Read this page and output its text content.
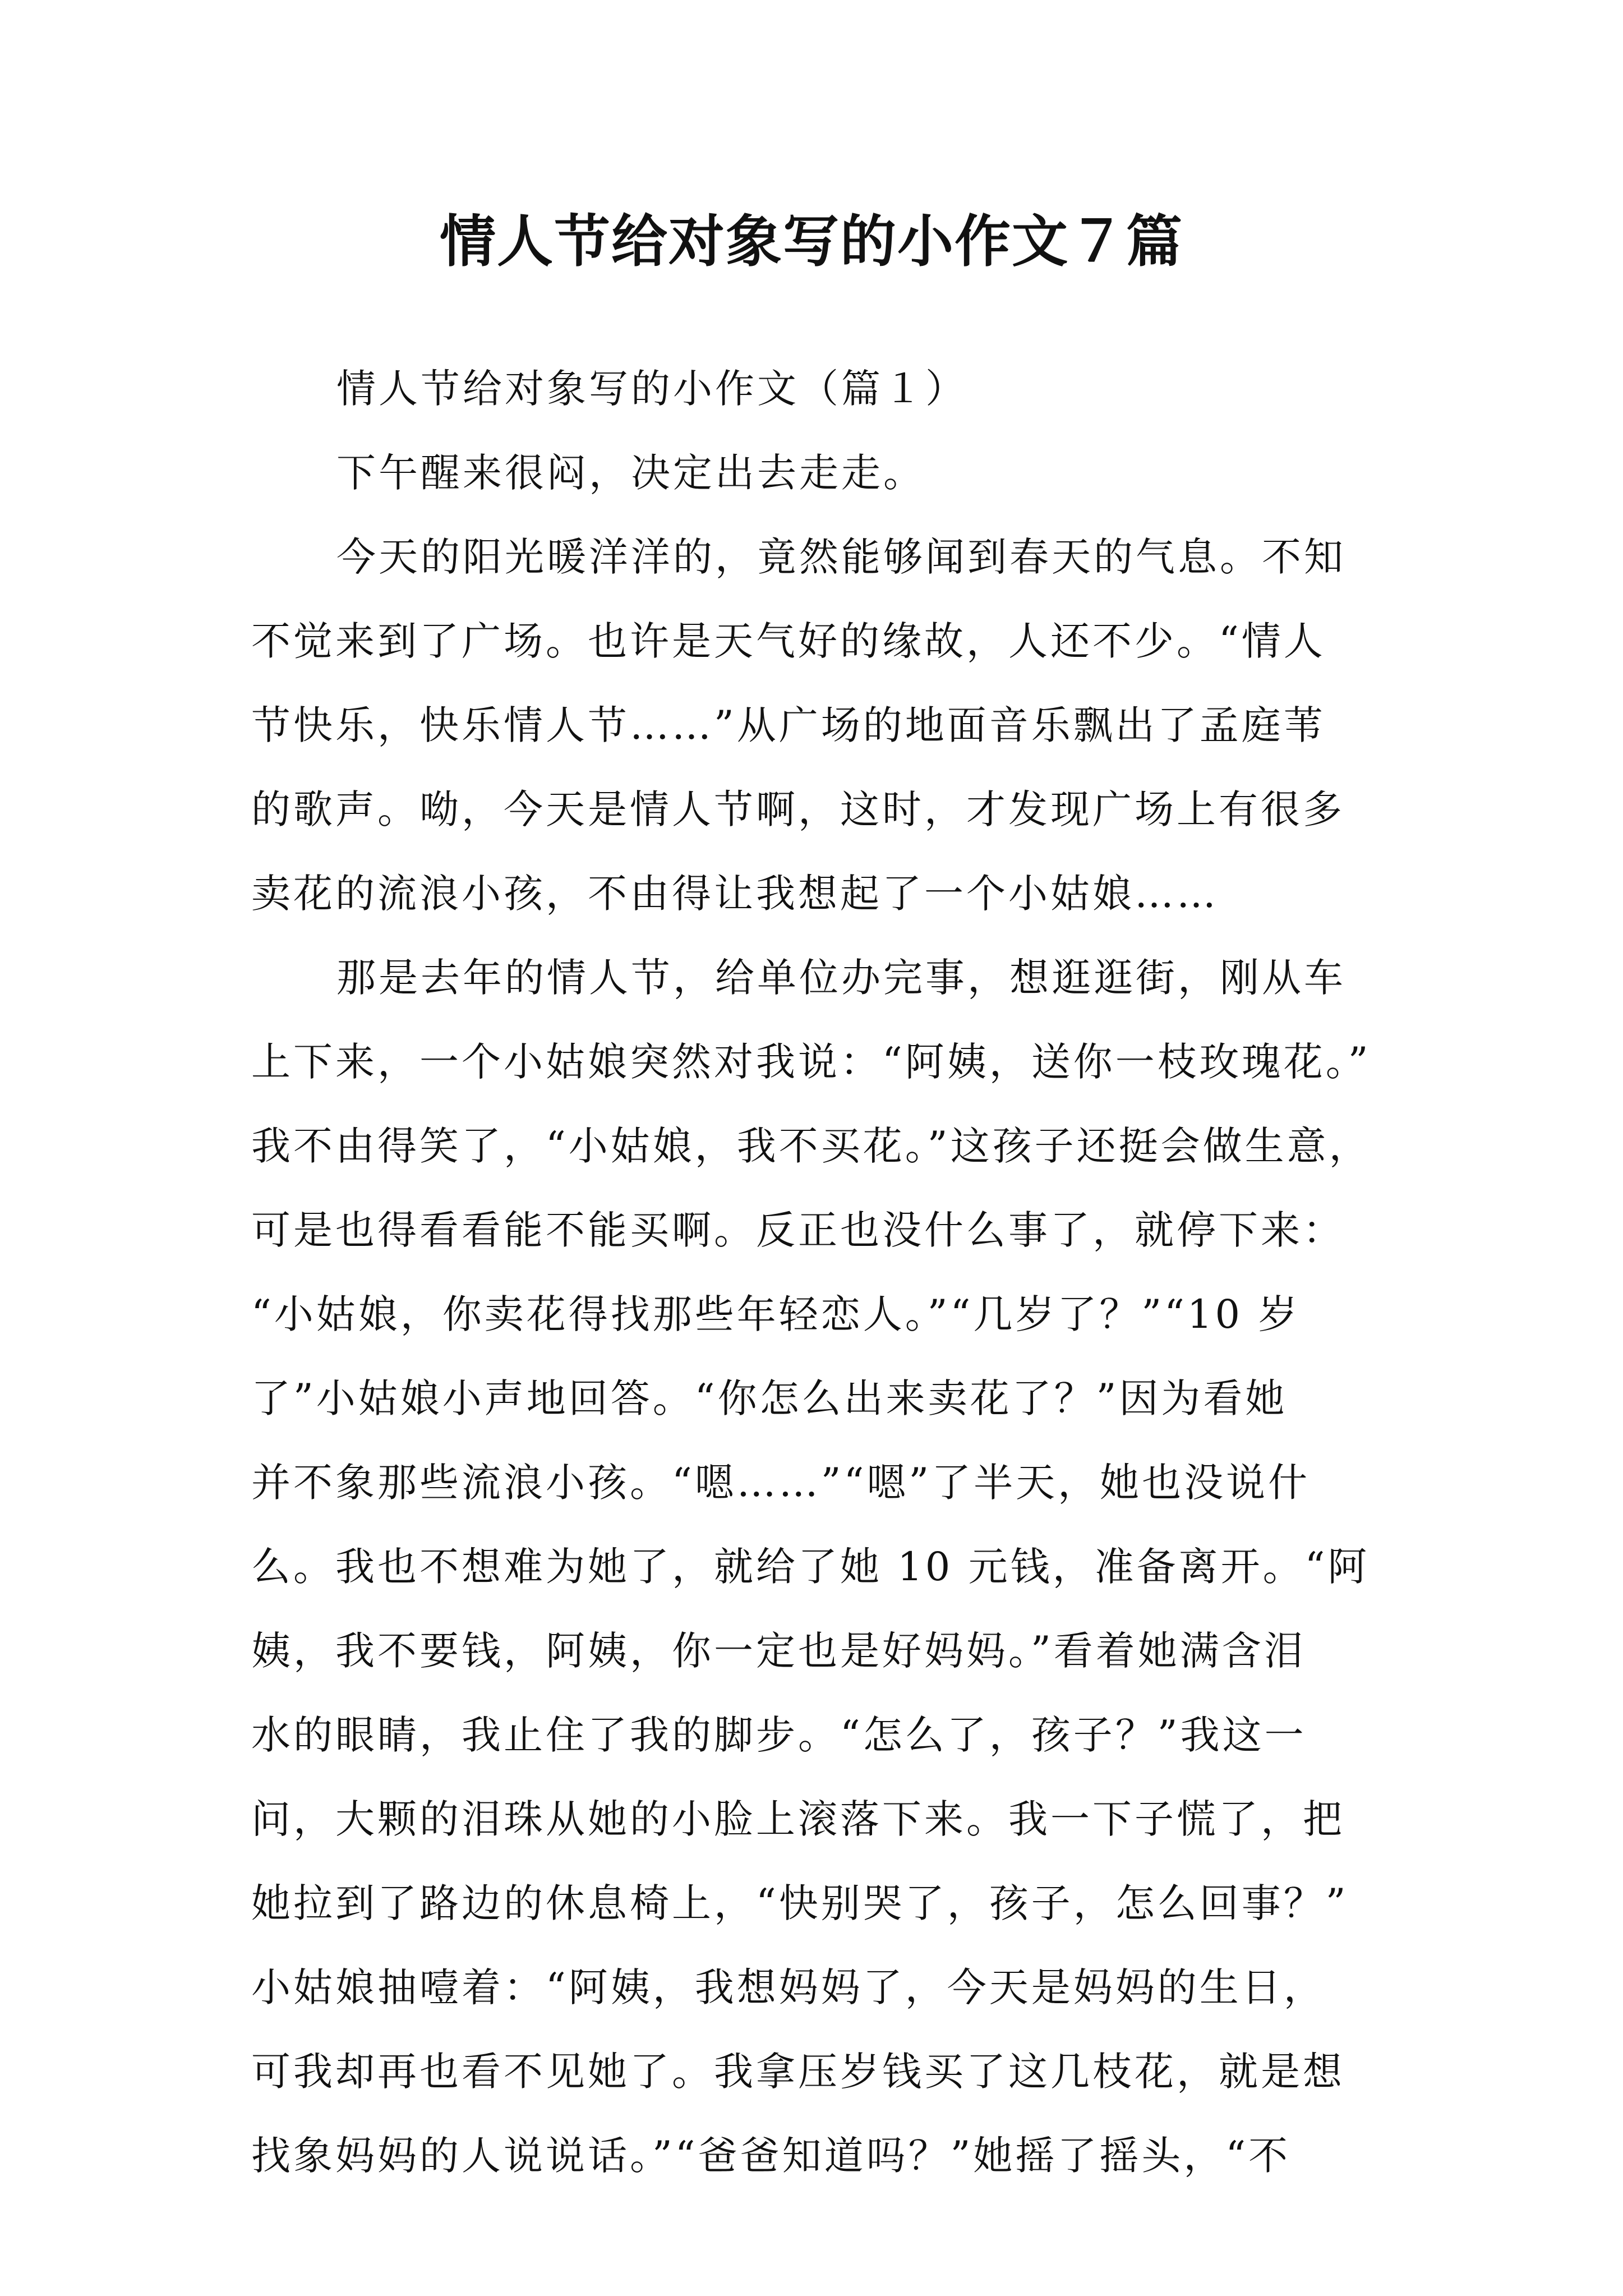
情人节给对象写的小作文７篇

情人节给对象写的小作文（篇１）

下午醒来很闷，决定出去走走。

今天的阳光暖洋洋的，竟然能够闻到春天的气息。不知

不觉来到了广场。也许是天气好的缘故，人还不少。“情人

节快乐，快乐情人节……”从广场的地面音乐飘出了孟庭苇

的歌声。呦，今天是情人节啊，这时，才发现广场上有很多

卖花的流浪小孩，不由得让我想起了一个小姑娘……

那是去年的情人节，给单位办完事，想逛逛街，刚从车

上下来，一个小姑娘突然对我说：“阿姨，送你一枝玫瑰花。”

我不由得笑了，“小姑娘，我不买花。”这孩子还挺会做生意，

可是也得看看能不能买啊。反正也没什么事了，就停下来：

“小姑娘，你卖花得找那些年轻恋人。”“几岁了？”“10 岁

了”小姑娘小声地回答。“你怎么出来卖花了？”因为看她

并不象那些流浪小孩。“嗯……”“嗯”了半天，她也没说什

么。我也不想难为她了，就给了她 10 元钱，准备离开。“阿

姨，我不要钱，阿姨，你一定也是好妈妈。”看着她满含泪

水的眼睛，我止住了我的脚步。“怎么了，孩子？”我这一

问，大颗的泪珠从她的小脸上滚落下来。我一下子慌了，把

她拉到了路边的休息椅上，“快别哭了，孩子，怎么回事？”

小姑娘抽噎着：“阿姨，我想妈妈了，今天是妈妈的生日，

可我却再也看不见她了。我拿压岁钱买了这几枝花，就是想

找象妈妈的人说说话。”“爸爸知道吗？”她摇了摇头，“不
